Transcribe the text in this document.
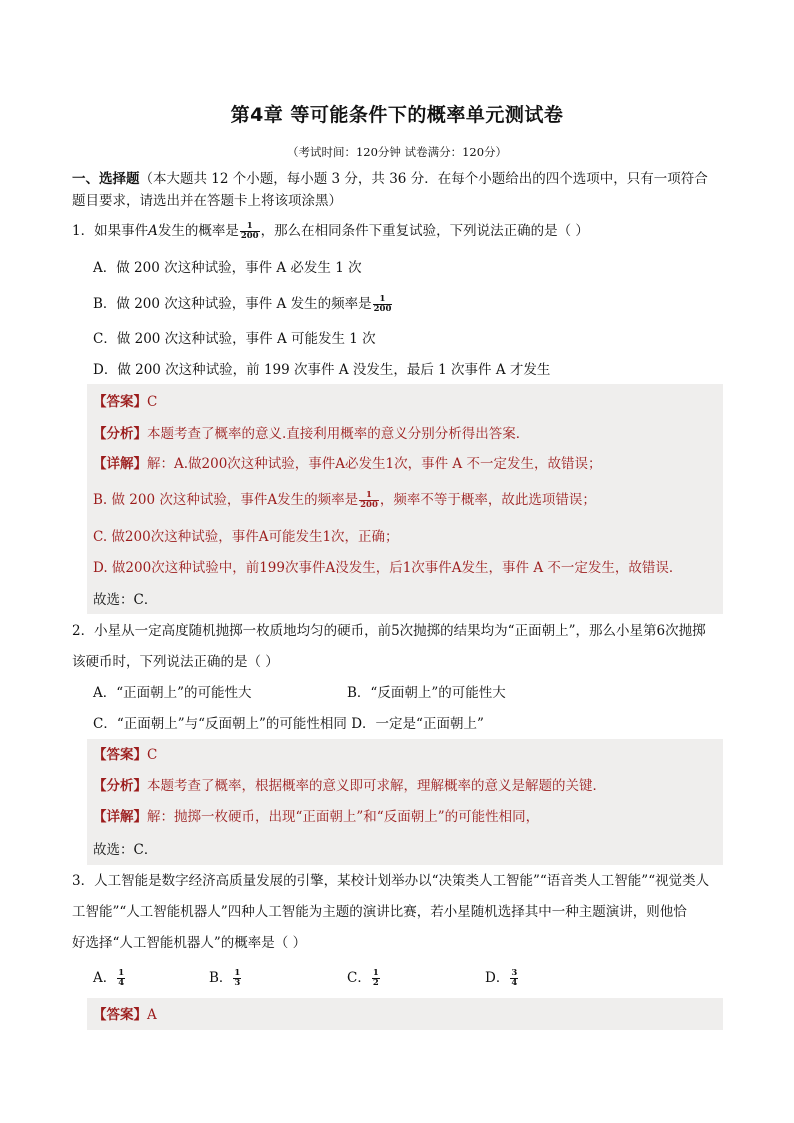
第4章 等可能条件下的概率单元测试卷
（考试时间：120分钟 试卷满分：120分）
一、选择题（本大题共 12 个小题，每小题 3 分，共 36 分．在每个小题给出的四个选项中，只有一项符合
题目要求，请选出并在答题卡上将该项涂黑）
1．如果事件A发生的概率是 $\frac{1}{200}$ ，那么在相同条件下重复试验，下列说法正确的是（ ）
A．做 200 次这种试验，事件 A 必发生 1 次
B．做 200 次这种试验，事件 A 发生的频率是 $\frac{1}{200}$
C．做 200 次这种试验，事件 A 可能发生 1 次
D．做 200 次这种试验，前 199 次事件 A 没发生，最后 1 次事件 A 才发生
【答案】C
【分析】本题考查了概率的意义.直接利用概率的意义分别分析得出答案．
【详解】解：A.做200次这种试验，事件A必发生1次，事件 A 不一定发生，故错误；
B. 做 200 次这种试验，事件A发生的频率是 $\frac{1}{200}$ ，频率不等于概率，故此选项错误；
C. 做200次这种试验，事件A可能发生1次，正确；
D. 做200次这种试验中，前199次事件A没发生，后1次事件A发生，事件 A 不一定发生，故错误．
故选：C．
2．小星从一定高度随机抛掷一枚质地均匀的硬币，前5次抛掷的结果均为“正面朝上”，那么小星第6次抛掷
该硬币时，下列说法正确的是（ ）
A．“正面朝上”的可能性大	B．“反面朝上”的可能性大
C．“正面朝上”与“反面朝上”的可能性相同 D．一定是“正面朝上”
【答案】C
【分析】本题考查了概率，根据概率的意义即可求解，理解概率的意义是解题的关键．
【详解】解：抛掷一枚硬币，出现“正面朝上”和“反面朝上”的可能性相同，
故选：C．
3．人工智能是数字经济高质量发展的引擎，某校计划举办以“决策类人工智能”“语音类人工智能”“视觉类人
工智能”“人工智能机器人”四种人工智能为主题的演讲比赛，若小星随机选择其中一种主题演讲，则他恰
好选择“人工智能机器人”的概率是（ ）
A． $\frac{1}{4}$	B． $\frac{1}{3}$	C． $\frac{1}{2}$	D． $\frac{3}{4}$
【答案】A
